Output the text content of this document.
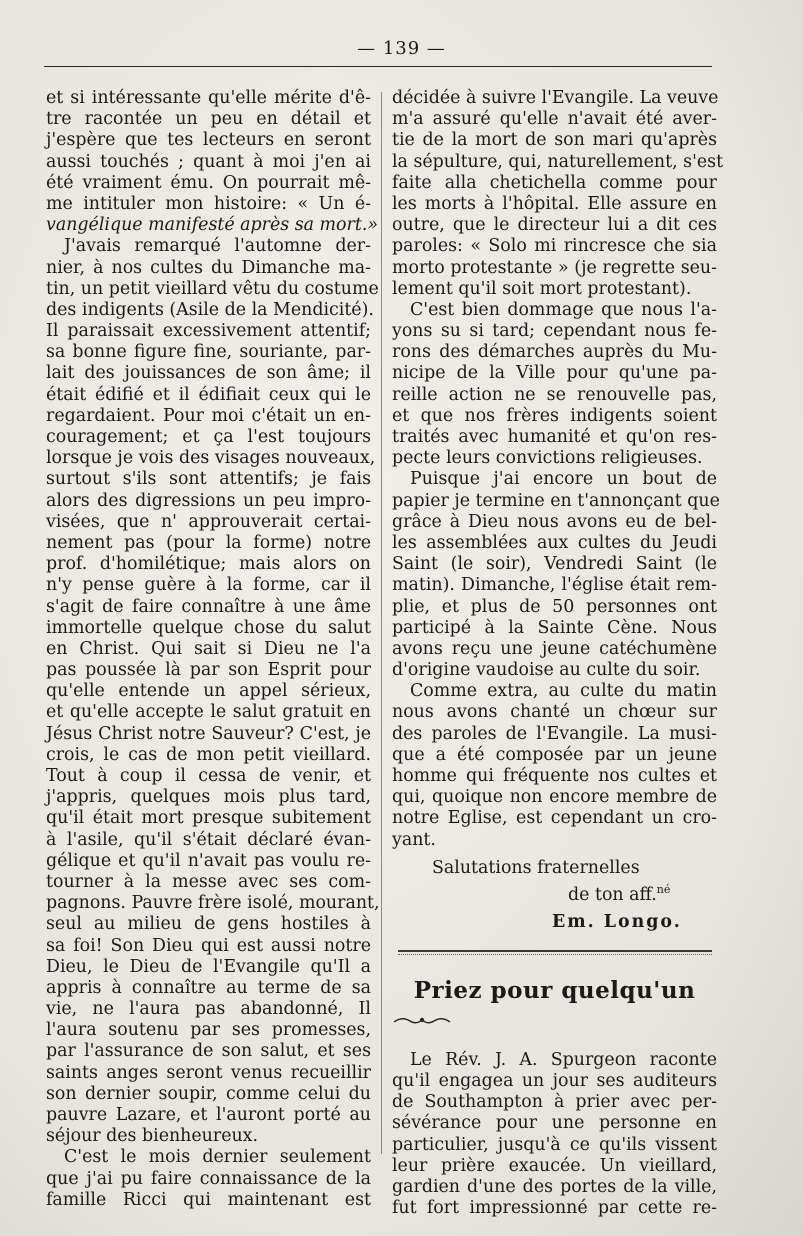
— 139 —
et si intéressante qu'elle mérite d'ê-
tre racontée un peu en détail et
j'espère que tes lecteurs en seront
aussi touchés ; quant à moi j'en ai
été vraiment ému. On pourrait mê-
me intituler mon histoire: « Un é-
vangélique manifesté après sa mort.»
J'avais remarqué l'automne der-
nier, à nos cultes du Dimanche ma-
tin, un petit vieillard vêtu du costume
des indigents (Asile de la Mendicité).
Il paraissait excessivement attentif;
sa bonne figure fine, souriante, par-
lait des jouissances de son âme; il
était édifié et il édifiait ceux qui le
regardaient. Pour moi c'était un en-
couragement; et ça l'est toujours
lorsque je vois des visages nouveaux,
surtout s'ils sont attentifs; je fais
alors des digressions un peu impro-
visées, que n' approuverait certai-
nement pas (pour la forme) notre
prof. d'homilétique; mais alors on
n'y pense guère à la forme, car il
s'agit de faire connaître à une âme
immortelle quelque chose du salut
en Christ. Qui sait si Dieu ne l'a
pas poussée là par son Esprit pour
qu'elle entende un appel sérieux,
et qu'elle accepte le salut gratuit en
Jésus Christ notre Sauveur? C'est, je
crois, le cas de mon petit vieillard.
Tout à coup il cessa de venir, et
j'appris, quelques mois plus tard,
qu'il était mort presque subitement
à l'asile, qu'il s'était déclaré évan-
gélique et qu'il n'avait pas voulu re-
tourner à la messe avec ses com-
pagnons. Pauvre frère isolé, mourant,
seul au milieu de gens hostiles à
sa foi! Son Dieu qui est aussi notre
Dieu, le Dieu de l'Evangile qu'Il a
appris à connaître au terme de sa
vie, ne l'aura pas abandonné, Il
l'aura soutenu par ses promesses,
par l'assurance de son salut, et ses
saints anges seront venus recueillir
son dernier soupir, comme celui du
pauvre Lazare, et l'auront porté au
séjour des bienheureux.
C'est le mois dernier seulement
que j'ai pu faire connaissance de la
famille Ricci qui maintenant est
décidée à suivre l'Evangile. La veuve
m'a assuré qu'elle n'avait été aver-
tie de la mort de son mari qu'après
la sépulture, qui, naturellement, s'est
faite alla chetichella comme pour
les morts à l'hôpital. Elle assure en
outre, que le directeur lui a dit ces
paroles: « Solo mi rincresce che sia
morto protestante » (je regrette seu-
lement qu'il soit mort protestant).
C'est bien dommage que nous l'a-
yons su si tard; cependant nous fe-
rons des démarches auprès du Mu-
nicipe de la Ville pour qu'une pa-
reille action ne se renouvelle pas,
et que nos frères indigents soient
traités avec humanité et qu'on res-
pecte leurs convictions religieuses.
Puisque j'ai encore un bout de
papier je termine en t'annonçant que
grâce à Dieu nous avons eu de bel-
les assemblées aux cultes du Jeudi
Saint (le soir), Vendredi Saint (le
matin). Dimanche, l'église était rem-
plie, et plus de 50 personnes ont
participé à la Sainte Cène. Nous
avons reçu une jeune catéchumène
d'origine vaudoise au culte du soir.
Comme extra, au culte du matin
nous avons chanté un chœur sur
des paroles de l'Evangile. La musi-
que a été composée par un jeune
homme qui fréquente nos cultes et
qui, quoique non encore membre de
notre Eglise, est cependant un cro-
yant.
Salutations fraternelles
de ton aff.$^{né}$
Em. Longo.
Priez pour quelqu'un
Le Rév. J. A. Spurgeon raconte
qu'il engagea un jour ses auditeurs
de Southampton à prier avec per-
sévérance pour une personne en
particulier, jusqu'à ce qu'ils vissent
leur prière exaucée. Un vieillard,
gardien d'une des portes de la ville,
fut fort impressionné par cette re-
